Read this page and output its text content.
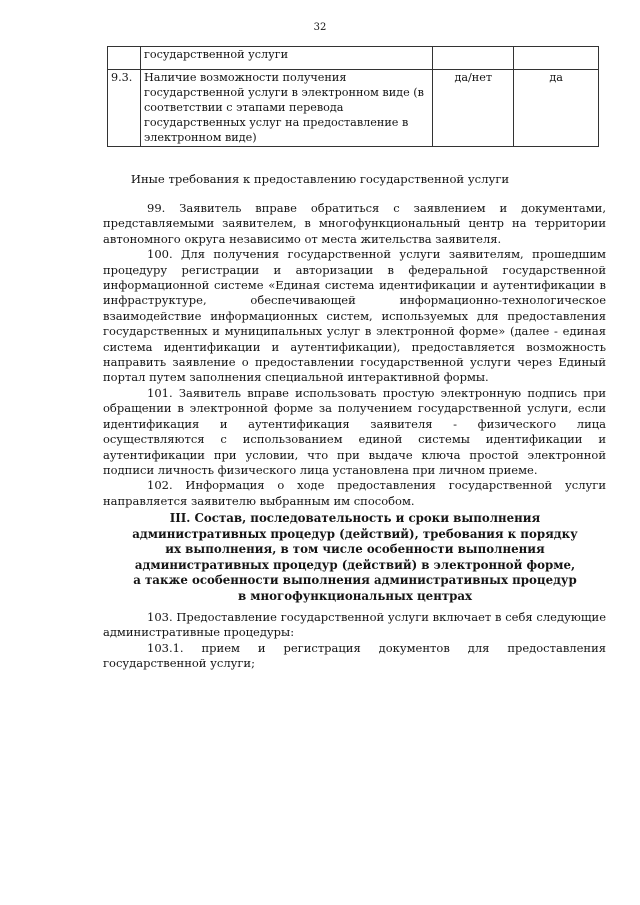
32
	государственной услуги		
9.3.	Наличие возможности получения государственной услуги в электронном виде (в соответствии с этапами перевода государственных услуг на предоставление в электронном виде)	да/нет	да
Иные требования к предоставлению государственной услуги

99. Заявитель вправе обратиться с заявлением и документами, представляемыми заявителем, в многофункциональный центр на территории автономного округа независимо от места жительства заявителя.

100. Для получения государственной услуги заявителям, прошедшим процедуру регистрации и авторизации в федеральной государственной информационной системе «Единая система идентификации и аутентификации в инфраструктуре, обеспечивающей информационно-технологическое взаимодействие информационных систем, используемых для предоставления государственных и муниципальных услуг в электронной форме» (далее - единая система идентификации и аутентификации), предоставляется возможность направить заявление о предоставлении государственной услуги через Единый портал путем заполнения специальной интерактивной формы.

101. Заявитель вправе использовать простую электронную подпись при обращении в электронной форме за получением государственной услуги, если идентификация и аутентификация заявителя - физического лица осуществляются с использованием единой системы идентификации и аутентификации при условии, что при выдаче ключа простой электронной подписи личность физического лица установлена при личном приеме.

102. Информация о ходе предоставления государственной услуги направляется заявителю выбранным им способом.

III. Состав, последовательность и сроки выполнения
административных процедур (действий), требования к порядку
их выполнения, в том числе особенности выполнения
административных процедур (действий) в электронной форме,
а также особенности выполнения административных процедур
в многофункциональных центрах

103. Предоставление государственной услуги включает в себя следующие административные процедуры:

103.1. прием и регистрация документов для предоставления государственной услуги;
